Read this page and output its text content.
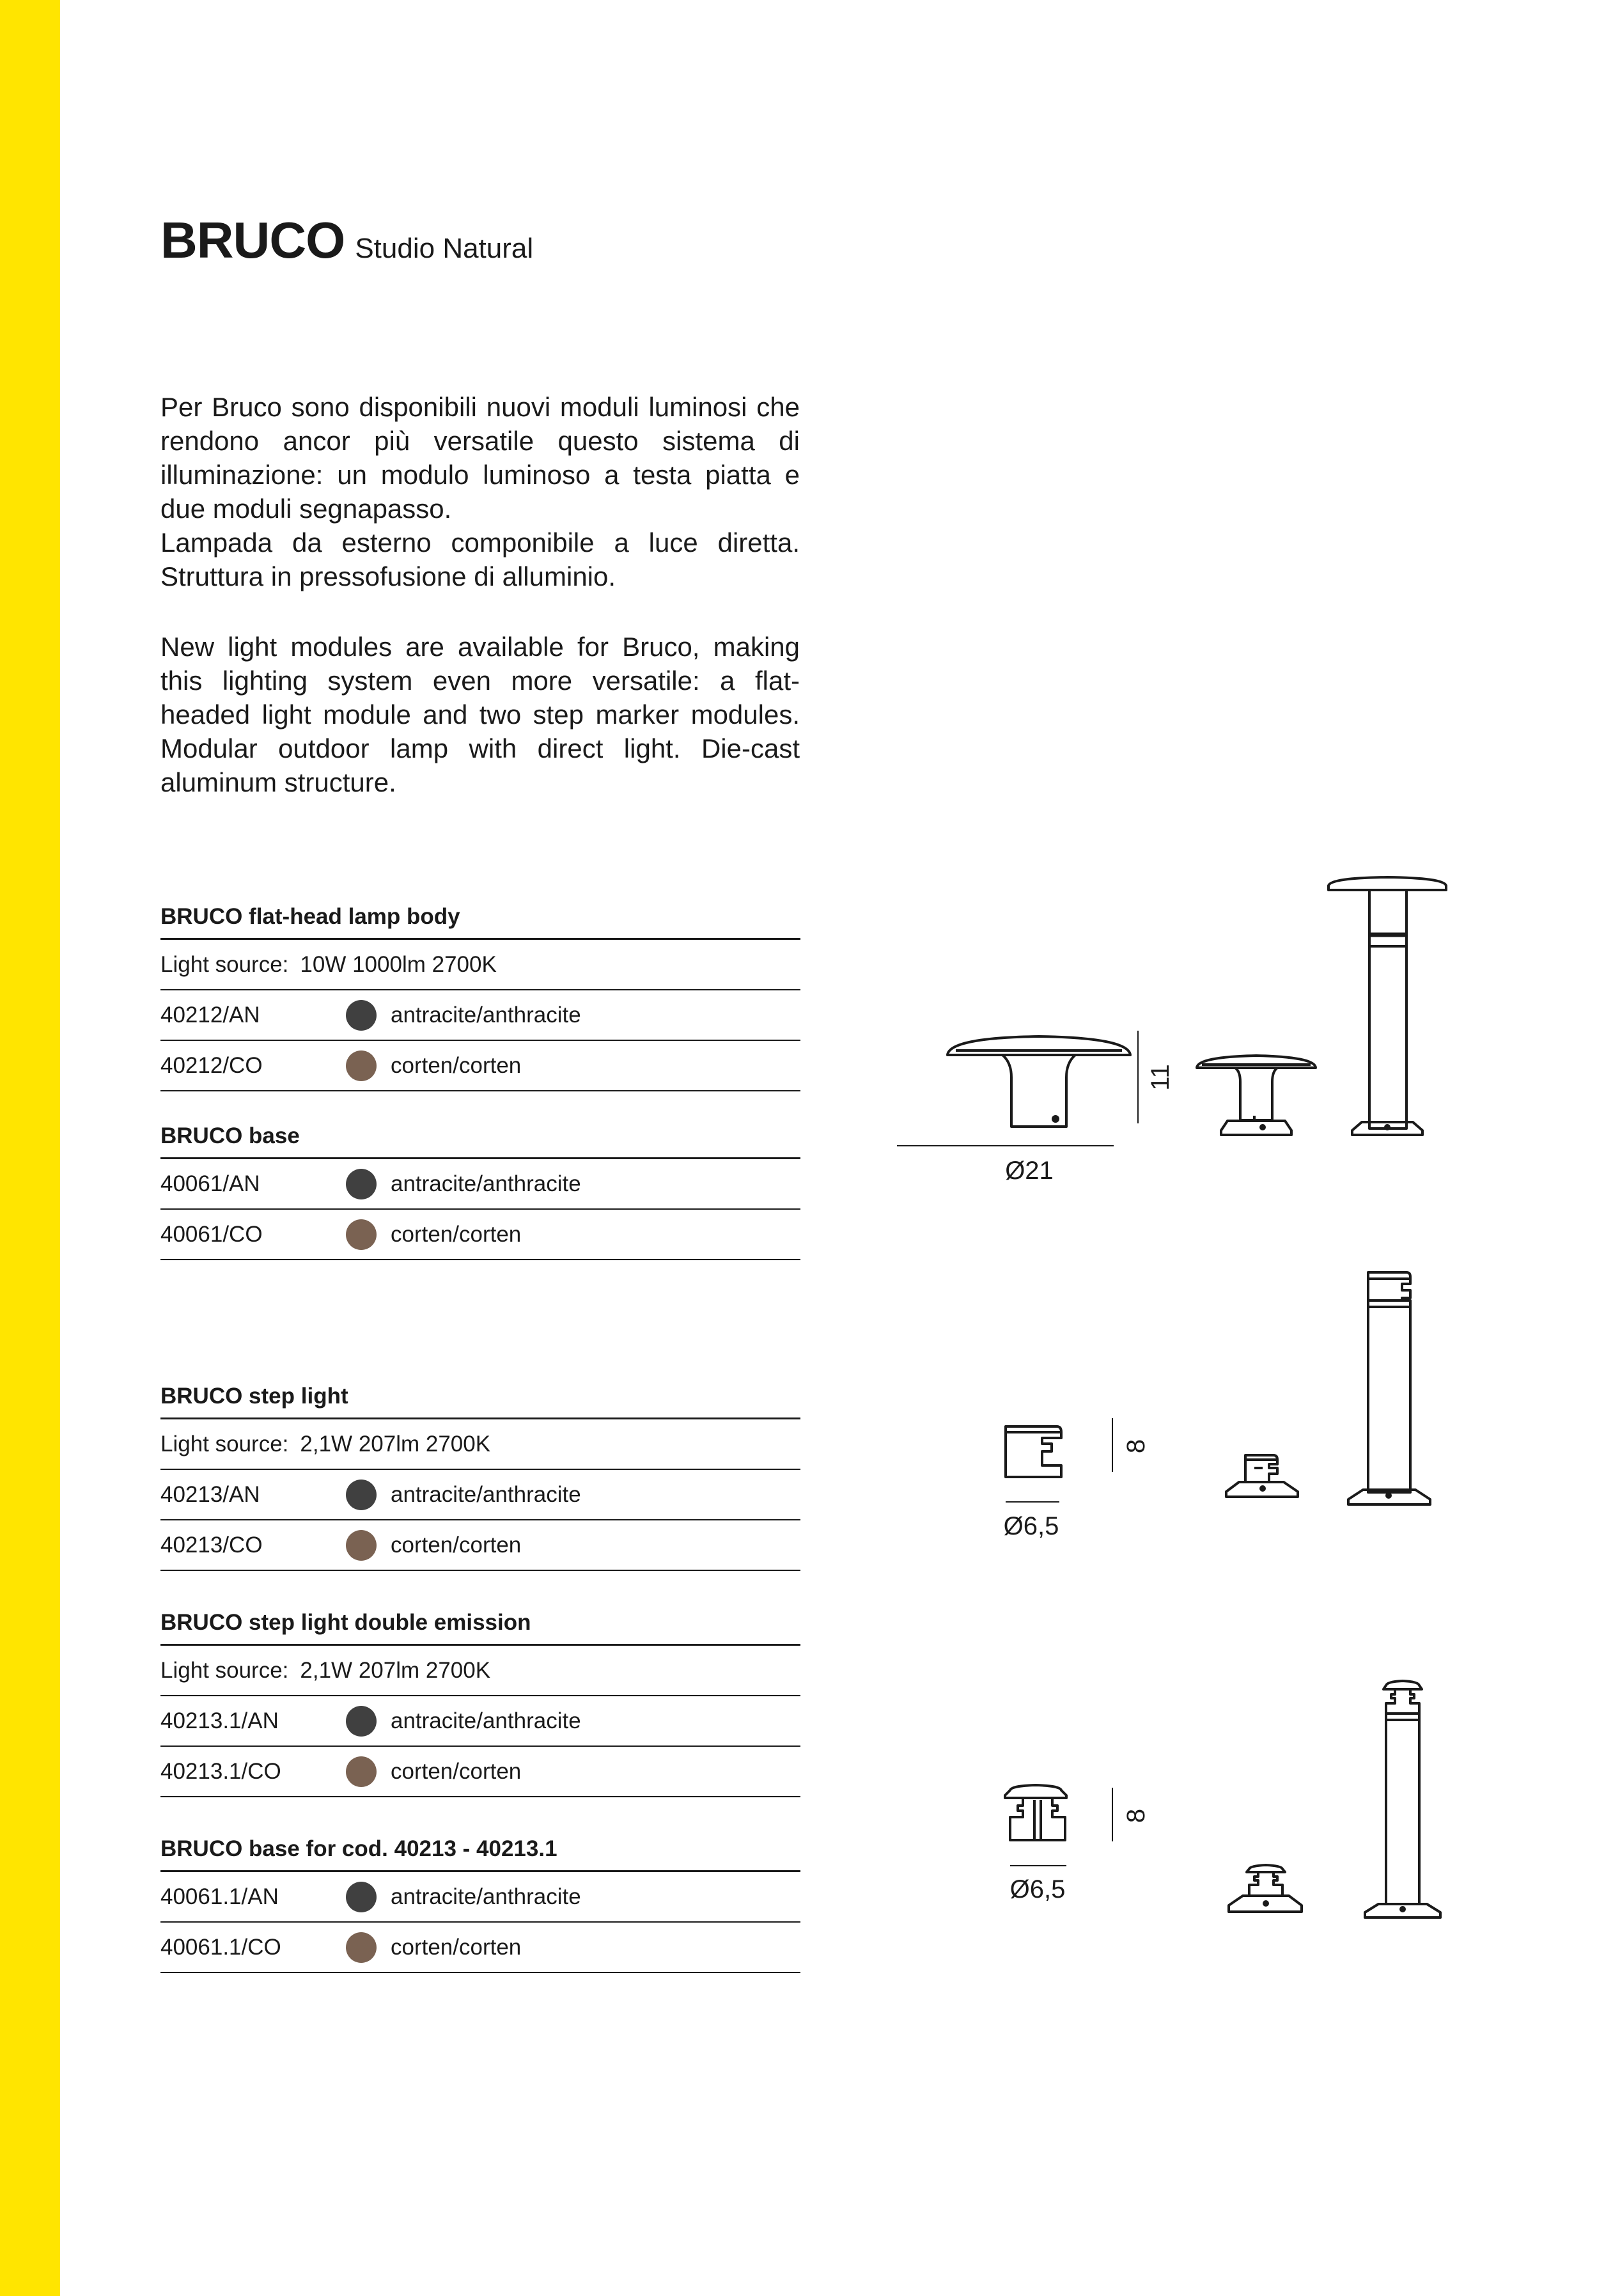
BRUCO Studio Natural

Per Bruco sono disponibili nuovi moduli luminosi che rendono ancor più versatile questo sistema di illuminazione: un modulo luminoso a testa piatta e due moduli segnapasso.

Lampada da esterno componibile a luce diretta. Struttura in pressofusione di alluminio.

New light modules are available for Bruco, making this lighting system even more versatile: a flat-headed light module and two step marker modules. Modular outdoor lamp with direct light. Die-cast aluminum structure.

BRUCO flat-head lamp body
Light source: 10W 1000lm 2700K
40212/AN	antracite/anthracite
40212/CO	corten/corten
BRUCO base
40061/AN	antracite/anthracite
40061/CO	corten/corten
BRUCO step light
Light source: 2,1W 207lm 2700K
40213/AN	antracite/anthracite
40213/CO	corten/corten
BRUCO step light double emission
Light source: 2,1W 207lm 2700K
40213.1/AN	antracite/anthracite
40213.1/CO	corten/corten
BRUCO base for cod. 40213 - 40213.1
40061.1/AN	antracite/anthracite
40061.1/CO	corten/corten
Ø21
11
Ø6,5
8
Ø6,5
8
